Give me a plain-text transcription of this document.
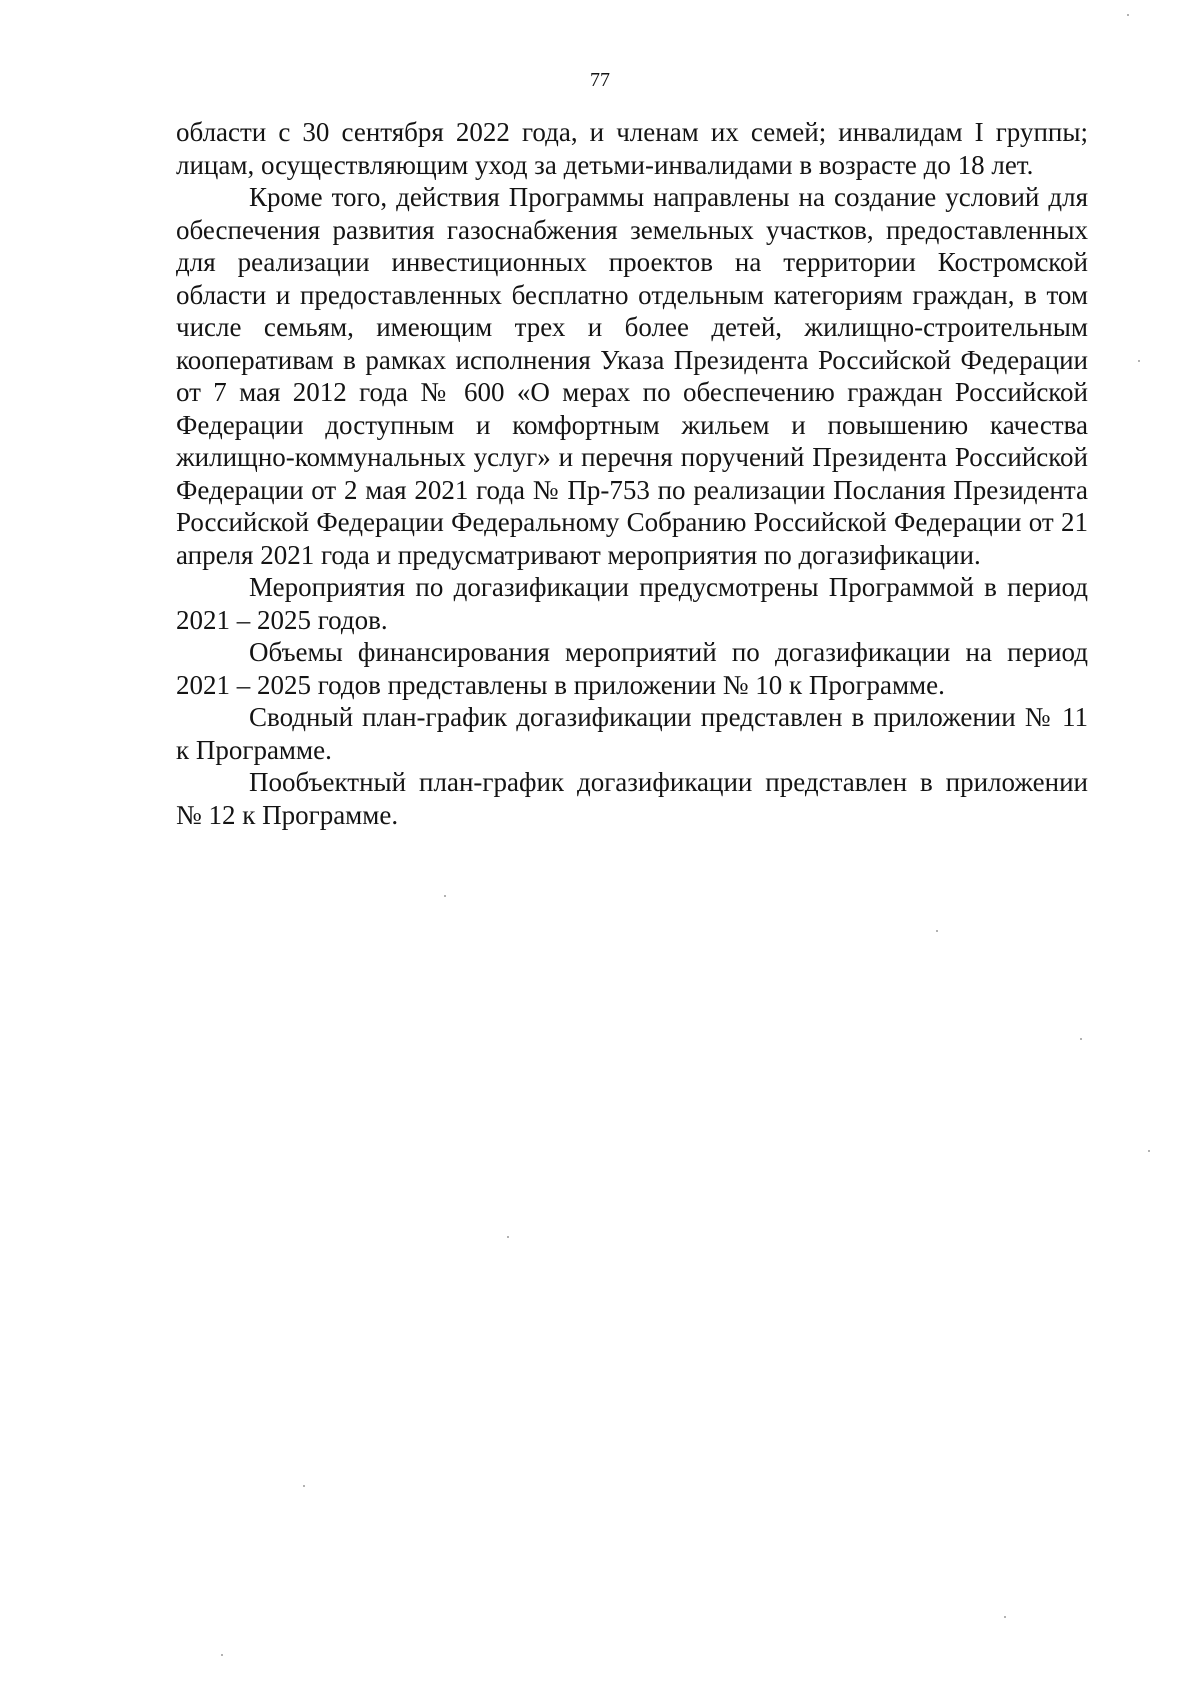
77

области с 30 сентября 2022 года, и членам их семей; инвалидам I группы; лицам, осуществляющим уход за детьми-инвалидами в возрасте до 18 лет.

Кроме того, действия Программы направлены на создание условий для обеспечения развития газоснабжения земельных участков, предоставленных для реализации инвестиционных проектов на территории Костромской области и предоставленных бесплатно отдельным категориям граждан, в том числе семьям, имеющим трех и более детей, жилищно-строительным кооперативам в рамках исполнения Указа Президента Российской Федерации от 7 мая 2012 года № 600 «О мерах по обеспечению граждан Российской Федерации доступным и комфортным жильем и повышению качества жилищно-коммунальных услуг» и перечня поручений Президента Российской Федерации от 2 мая 2021 года № Пр-753 по реализации Послания Президента Российской Федерации Федеральному Собранию Российской Федерации от 21 апреля 2021 года и предусматривают мероприятия по догазификации.

Мероприятия по догазификации предусмотрены Программой в период 2021 – 2025 годов.

Объемы финансирования мероприятий по догазификации на период 2021 – 2025 годов представлены в приложении № 10 к Программе.

Сводный план-график догазификации представлен в приложении № 11 к Программе.

Пообъектный план-график догазификации представлен в приложении № 12 к Программе.
